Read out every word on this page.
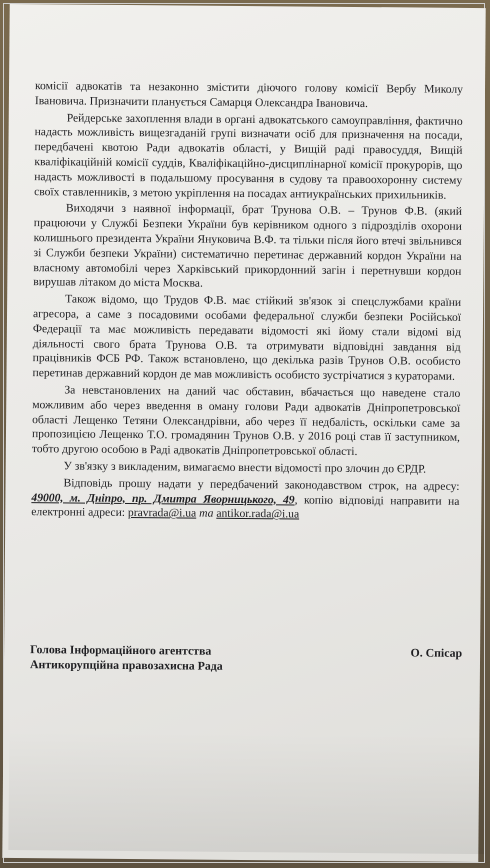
комісії адвокатів та незаконно змістити діючого голову комісії Вербу Миколу Івановича. Призначити планується Самарця Олександра Івановича.

Рейдерське захоплення влади в органі адвокатського самоуправління, фактично надасть можливість вищезгаданій групі визначати осіб для призначення на посади, передбачені квотою Ради адвокатів області, у Вищій раді правосуддя, Вищій кваліфікаційній комісії суддів, Кваліфікаційно-дисциплінарної комісії прокурорів, що надасть можливості в подальшому просування в судову та правоохоронну систему своїх ставленників, з метою укріплення на посадах антиукраїнських прихильників.

Виходячи з наявної інформації, брат Трунова О.В. – Трунов Ф.В. (який працюючи у Службі Безпеки України був керівником одного з підрозділів охорони колишнього президента України Януковича В.Ф. та тільки після його втечі звільнився зі Служби безпеки України) систематично перетинає державний кордон України на власному автомобілі через Харківський прикордонний загін і перетнувши кордон вирушав літаком до міста Москва.

Також відомо, що Трудов Ф.В. має стійкий зв'язок зі спецслужбами країни агресора, а саме з посадовими особами федеральної служби безпеки Російської Федерації та має можливість передавати відомості які йому стали відомі від діяльності свого брата Трунова О.В. та отримувати відповідні завдання від працівників ФСБ РФ. Також встановлено, що декілька разів Трунов О.В. особисто перетинав державний кордон де мав можливість особисто зустрічатися з кураторами.

За невстановлених на даний час обставин, вбачається що наведене стало можливим або через введення в оману голови Ради адвокатів Дніпропетровської області Лещенко Тетяни Олександрівни, або через її недбалість, оскільки саме за пропозицією Лещенко Т.О. громадянин Трунов О.В. у 2016 році став її заступником, тобто другою особою в Раді адвокатів Дніпропетровської області.

У зв'язку з викладеним, вимагаємо внести відомості про злочин до ЄРДР.

Відповідь прошу надати у передбачений законодавством строк, на адресу: 49000, м. Дніпро, пр. Дмитра Яворницького, 49, копію відповіді направити на електронні адреси: pravrada@i.ua та antikor.rada@i.ua

Голова Інформаційного агентства
Антикорупційна правозахисна Рада
О. Спісар
